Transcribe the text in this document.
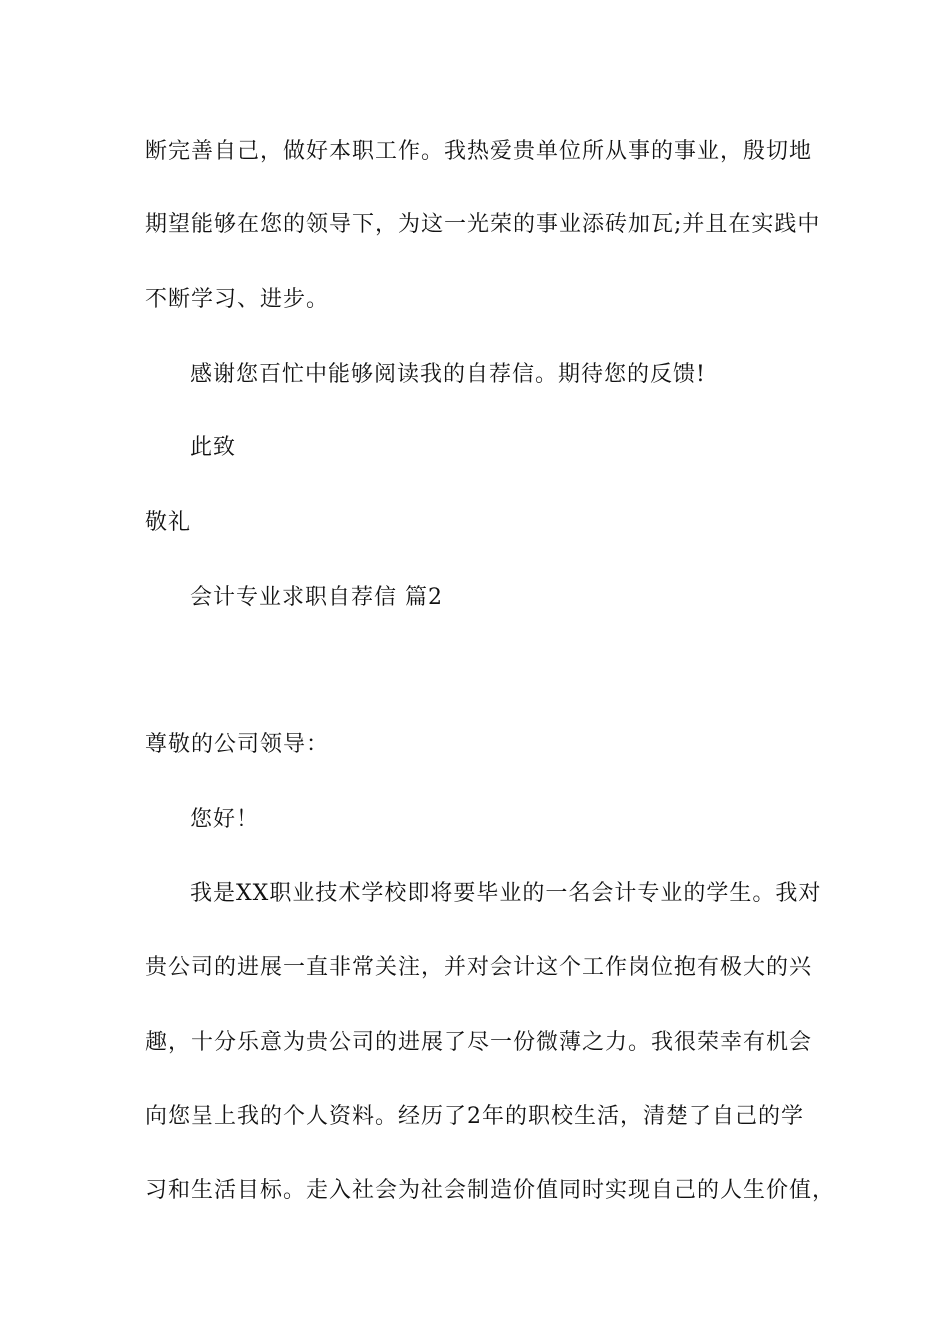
断完善自己，做好本职工作。我热爱贵单位所从事的事业，殷切地
期望能够在您的领导下，为这一光荣的事业添砖加瓦;并且在实践中
不断学习、进步。
感谢您百忙中能够阅读我的自荐信。期待您的反馈!
此致
敬礼
会计专业求职自荐信 篇2
尊敬的公司领导：
您好！
我是XX职业技术学校即将要毕业的一名会计专业的学生。我对
贵公司的进展一直非常关注，并对会计这个工作岗位抱有极大的兴
趣，十分乐意为贵公司的进展了尽一份微薄之力。我很荣幸有机会
向您呈上我的个人资料。经历了2年的职校生活，清楚了自己的学
习和生活目标。走入社会为社会制造价值同时实现自己的人生价值，
